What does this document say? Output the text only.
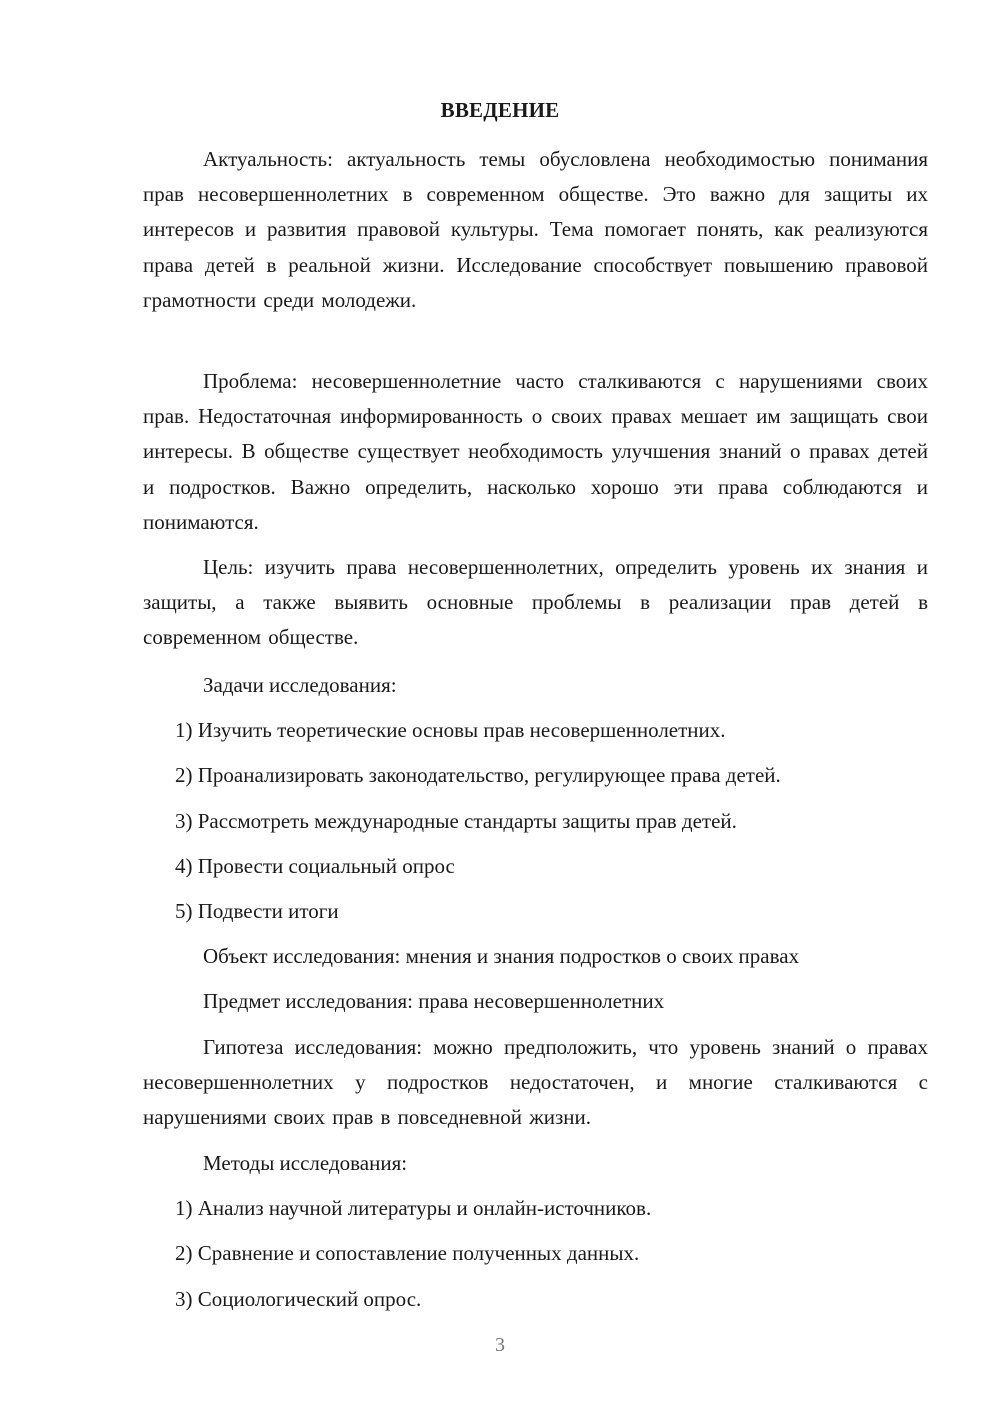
ВВЕДЕНИЕ

Актуальность: актуальность темы обусловлена необходимостью понимания прав несовершеннолетних в современном обществе. Это важно для защиты их интересов и развития правовой культуры. Тема помогает понять, как реализуются права детей в реальной жизни. Исследование способствует повышению правовой грамотности среди молодежи.

Проблема: несовершеннолетние часто сталкиваются с нарушениями своих прав. Недостаточная информированность о своих правах мешает им защищать свои интересы. В обществе существует необходимость улучшения знаний о правах детей и подростков. Важно определить, насколько хорошо эти права соблюдаются и понимаются.

Цель: изучить права несовершеннолетних, определить уровень их знания и защиты, а также выявить основные проблемы в реализации прав детей в современном обществе.

Задачи исследования:

1) Изучить теоретические основы прав несовершеннолетних.

2) Проанализировать законодательство, регулирующее права детей.

3) Рассмотреть международные стандарты защиты прав детей.

4) Провести социальный опрос

5) Подвести итоги

Объект исследования: мнения и знания подростков о своих правах

Предмет исследования: права несовершеннолетних

Гипотеза исследования: можно предположить, что уровень знаний о правах несовершеннолетних у подростков недостаточен, и многие сталкиваются с нарушениями своих прав в повседневной жизни.

Методы исследования:

1) Анализ научной литературы и онлайн-источников.

2) Сравнение и сопоставление полученных данных.

3) Социологический опрос.

3
